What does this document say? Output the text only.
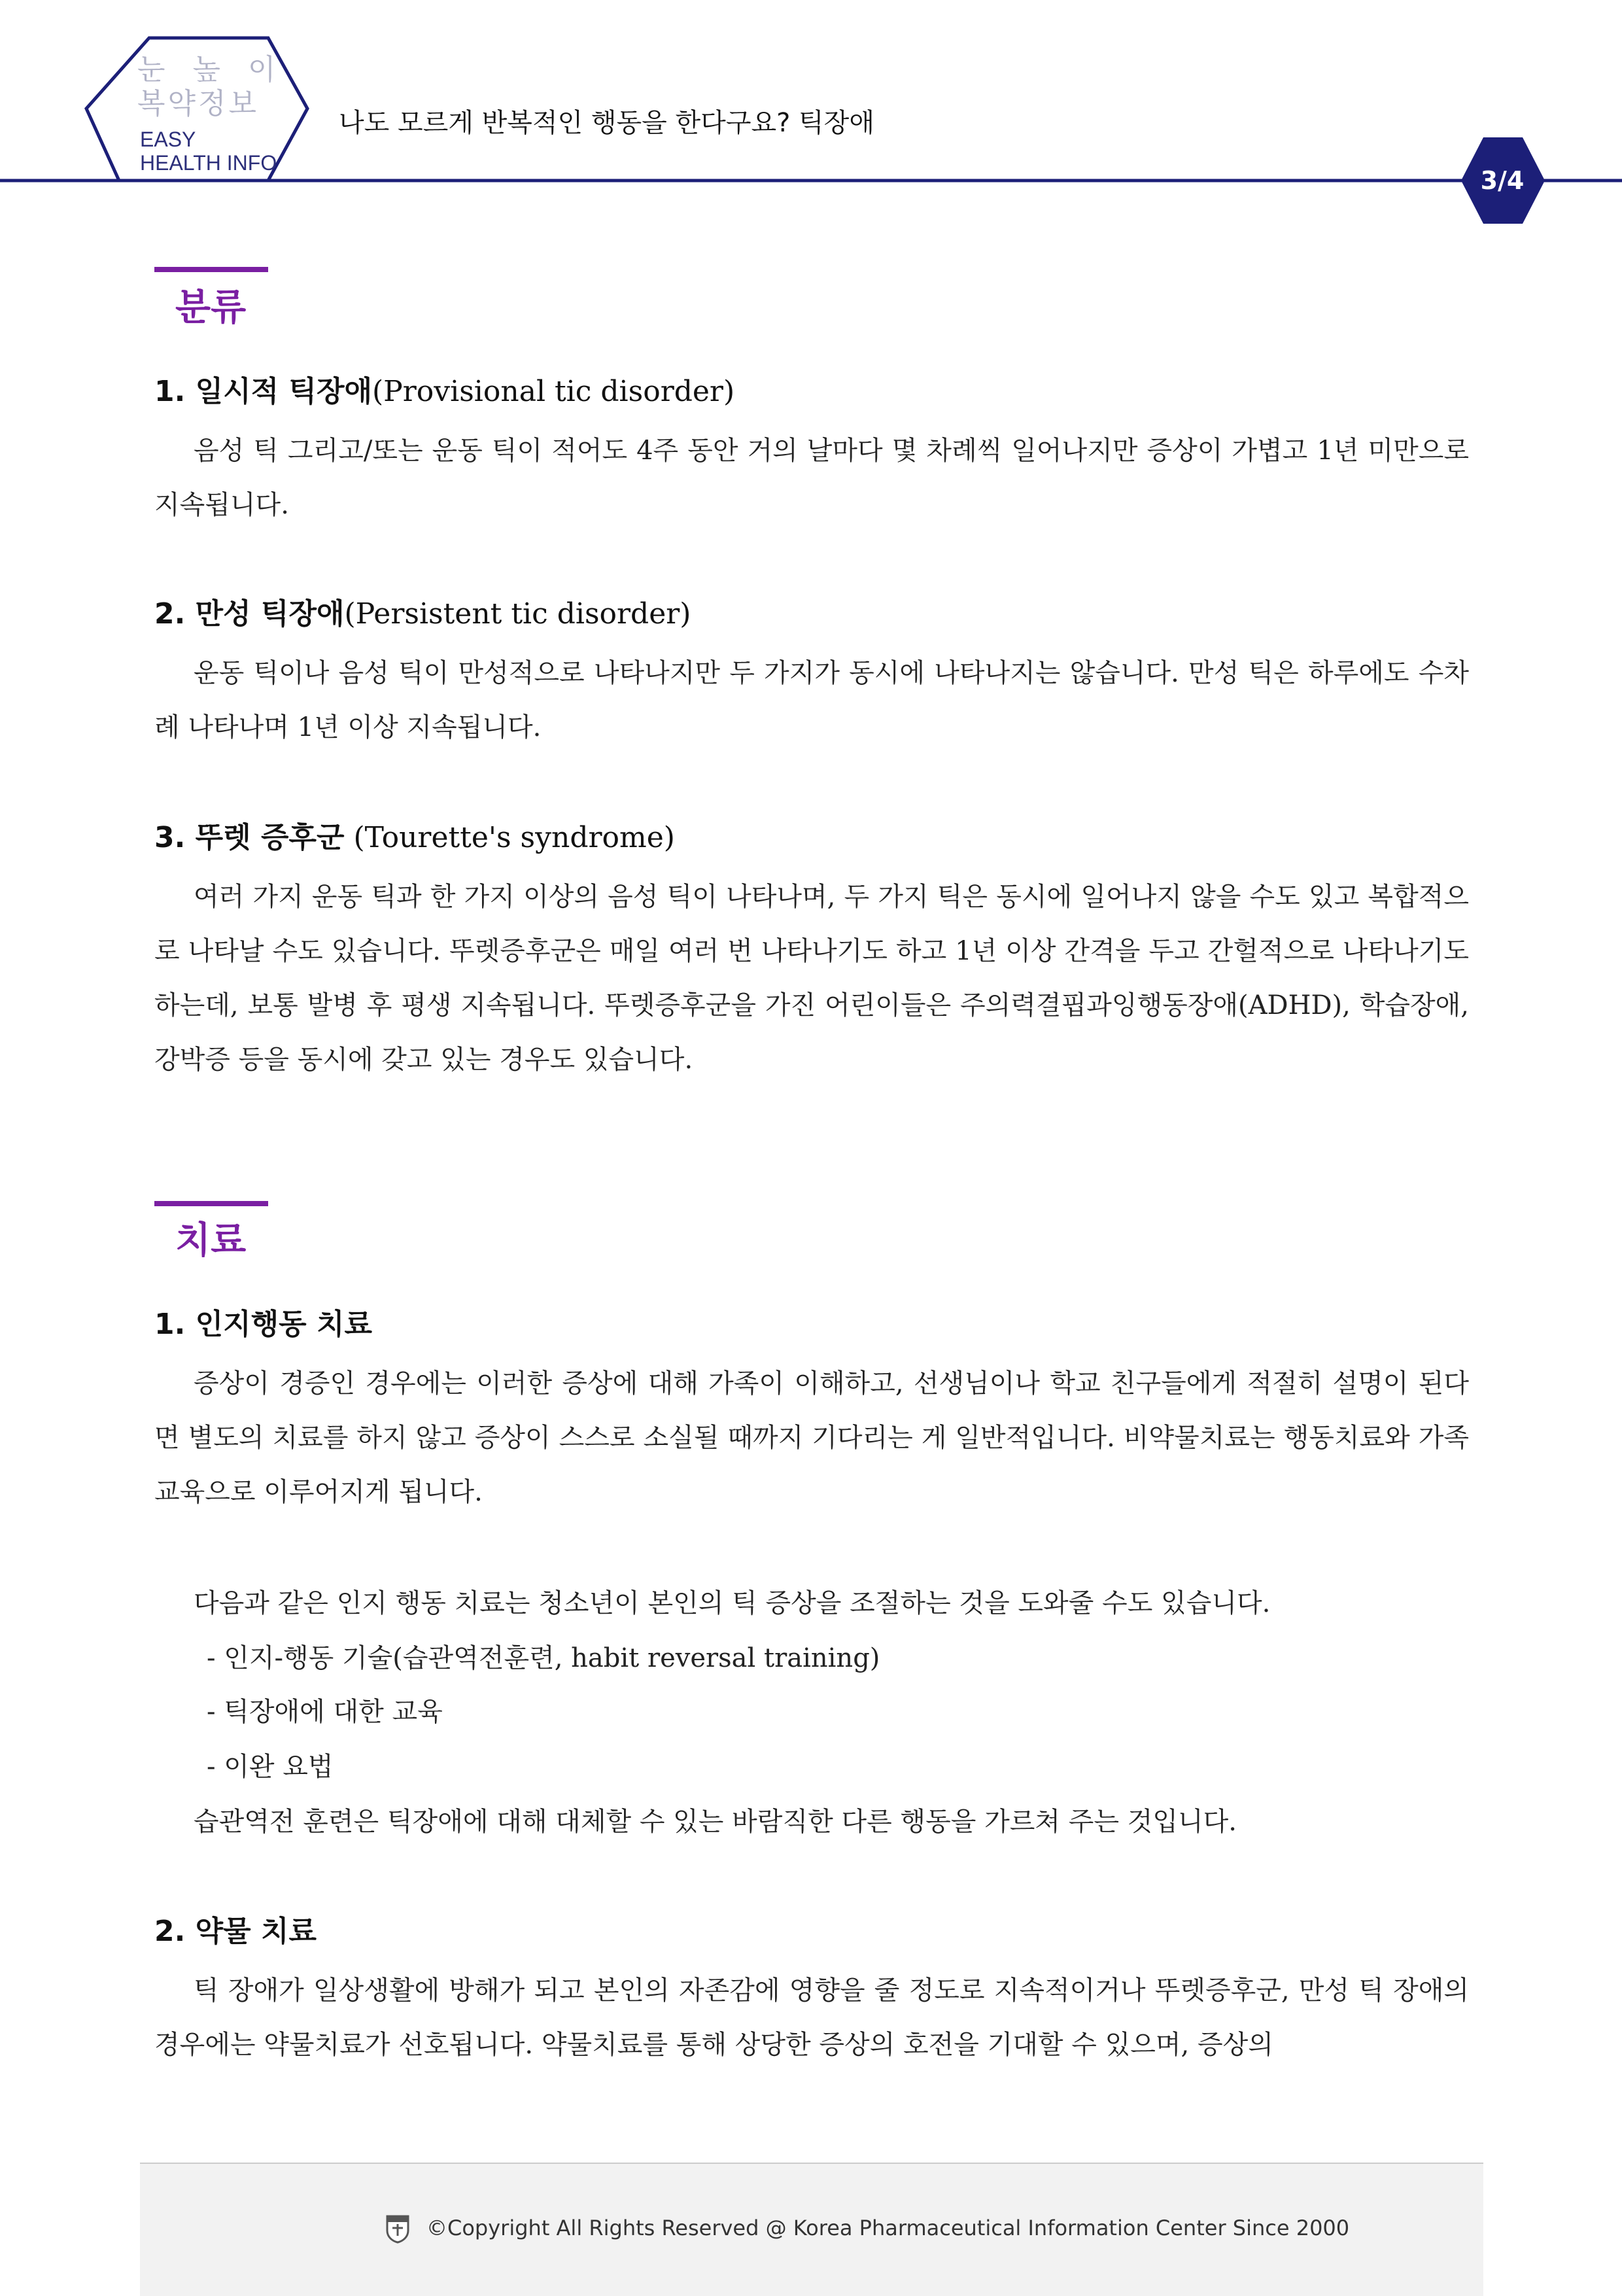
눈 높 이
복약정보
EASY
HEALTH INFO
나도 모르게 반복적인 행동을 한다구요? 틱장애
3/4
분류
1. 일시적 틱장애(Provisional tic disorder)
음성 틱 그리고/또는 운동 틱이 적어도 4주 동안 거의 날마다 몇 차례씩 일어나지만 증상이 가볍고 1년 미만으로 지속됩니다.
2. 만성 틱장애(Persistent tic disorder)
운동 틱이나 음성 틱이 만성적으로 나타나지만 두 가지가 동시에 나타나지는 않습니다. 만성 틱은 하루에도 수차례 나타나며 1년 이상 지속됩니다.
3. 뚜렛 증후군 (Tourette's syndrome)
여러 가지 운동 틱과 한 가지 이상의 음성 틱이 나타나며, 두 가지 틱은 동시에 일어나지 않을 수도 있고 복합적으로 나타날 수도 있습니다. 뚜렛증후군은 매일 여러 번 나타나기도 하고 1년 이상 간격을 두고 간헐적으로 나타나기도 하는데, 보통 발병 후 평생 지속됩니다. 뚜렛증후군을 가진 어린이들은 주의력결핍과잉행동장애(ADHD), 학습장애, 강박증 등을 동시에 갖고 있는 경우도 있습니다.
치료
1. 인지행동 치료
증상이 경증인 경우에는 이러한 증상에 대해 가족이 이해하고, 선생님이나 학교 친구들에게 적절히 설명이 된다면 별도의 치료를 하지 않고 증상이 스스로 소실될 때까지 기다리는 게 일반적입니다. 비약물치료는 행동치료와 가족교육으로 이루어지게 됩니다.
다음과 같은 인지 행동 치료는 청소년이 본인의 틱 증상을 조절하는 것을 도와줄 수도 있습니다.
- 인지-행동 기술(습관역전훈련, habit reversal training)
- 틱장애에 대한 교육
- 이완 요법
습관역전 훈련은 틱장애에 대해 대체할 수 있는 바람직한 다른 행동을 가르쳐 주는 것입니다.
2. 약물 치료
틱 장애가 일상생활에 방해가 되고 본인의 자존감에 영향을 줄 정도로 지속적이거나 뚜렛증후군, 만성 틱 장애의 경우에는 약물치료가 선호됩니다. 약물치료를 통해 상당한 증상의 호전을 기대할 수 있으며, 증상의
©Copyright All Rights Reserved @ Korea Pharmaceutical Information Center Since 2000
